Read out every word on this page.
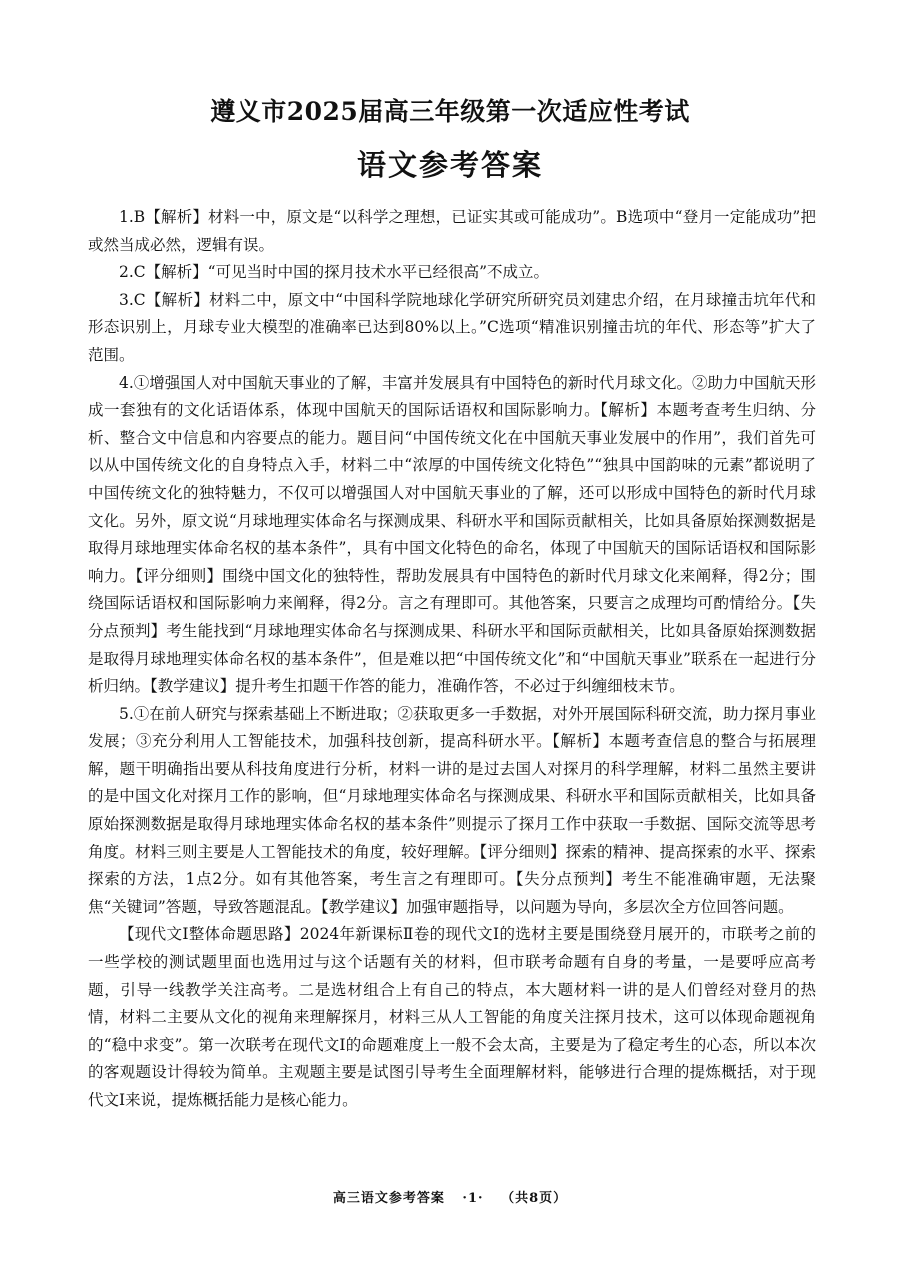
遵义市2025届高三年级第一次适应性考试
语文参考答案

1.B【解析】材料一中，原文是“以科学之理想，已证实其或可能成功”。B选项中“登月一定能成功”把或然当成必然，逻辑有误。

2.C【解析】“可见当时中国的探月技术水平已经很高”不成立。

3.C【解析】材料二中，原文中“中国科学院地球化学研究所研究员刘建忠介绍，在月球撞击坑年代和形态识别上，月球专业大模型的准确率已达到80%以上。”C选项“精准识别撞击坑的年代、形态等”扩大了范围。

4.①增强国人对中国航天事业的了解，丰富并发展具有中国特色的新时代月球文化。②助力中国航天形成一套独有的文化话语体系，体现中国航天的国际话语权和国际影响力。【解析】本题考查考生归纳、分析、整合文中信息和内容要点的能力。题目问“中国传统文化在中国航天事业发展中的作用”，我们首先可以从中国传统文化的自身特点入手，材料二中“浓厚的中国传统文化特色”“独具中国韵味的元素”都说明了中国传统文化的独特魅力，不仅可以增强国人对中国航天事业的了解，还可以形成中国特色的新时代月球文化。另外，原文说“月球地理实体命名与探测成果、科研水平和国际贡献相关，比如具备原始探测数据是取得月球地理实体命名权的基本条件”，具有中国文化特色的命名，体现了中国航天的国际话语权和国际影响力。【评分细则】围绕中国文化的独特性，帮助发展具有中国特色的新时代月球文化来阐释，得2分；围绕国际话语权和国际影响力来阐释，得2分。言之有理即可。其他答案，只要言之成理均可酌情给分。【失分点预判】考生能找到“月球地理实体命名与探测成果、科研水平和国际贡献相关，比如具备原始探测数据是取得月球地理实体命名权的基本条件”，但是难以把“中国传统文化”和“中国航天事业”联系在一起进行分析归纳。【教学建议】提升考生扣题干作答的能力，准确作答，不必过于纠缠细枝末节。

5.①在前人研究与探索基础上不断进取；②获取更多一手数据，对外开展国际科研交流，助力探月事业发展；③充分利用人工智能技术，加强科技创新，提高科研水平。【解析】本题考查信息的整合与拓展理解，题干明确指出要从科技角度进行分析，材料一讲的是过去国人对探月的科学理解，材料二虽然主要讲的是中国文化对探月工作的影响，但“月球地理实体命名与探测成果、科研水平和国际贡献相关，比如具备原始探测数据是取得月球地理实体命名权的基本条件”则提示了探月工作中获取一手数据、国际交流等思考角度。材料三则主要是人工智能技术的角度，较好理解。【评分细则】探索的精神、提高探索的水平、探索探索的方法，1点2分。如有其他答案，考生言之有理即可。【失分点预判】考生不能准确审题，无法聚焦“关键词”答题，导致答题混乱。【教学建议】加强审题指导，以问题为导向，多层次全方位回答问题。

【现代文Ⅰ整体命题思路】2024年新课标Ⅱ卷的现代文Ⅰ的选材主要是围绕登月展开的，市联考之前的一些学校的测试题里面也选用过与这个话题有关的材料，但市联考命题有自身的考量，一是要呼应高考题，引导一线教学关注高考。二是选材组合上有自己的特点，本大题材料一讲的是人们曾经对登月的热情，材料二主要从文化的视角来理解探月，材料三从人工智能的角度关注探月技术，这可以体现命题视角的“稳中求变”。第一次联考在现代文Ⅰ的命题难度上一般不会太高，主要是为了稳定考生的心态，所以本次的客观题设计得较为简单。主观题主要是试图引导考生全面理解材料，能够进行合理的提炼概括，对于现代文Ⅰ来说，提炼概括能力是核心能力。

高三语文参考答案 ·1· （共8页）
